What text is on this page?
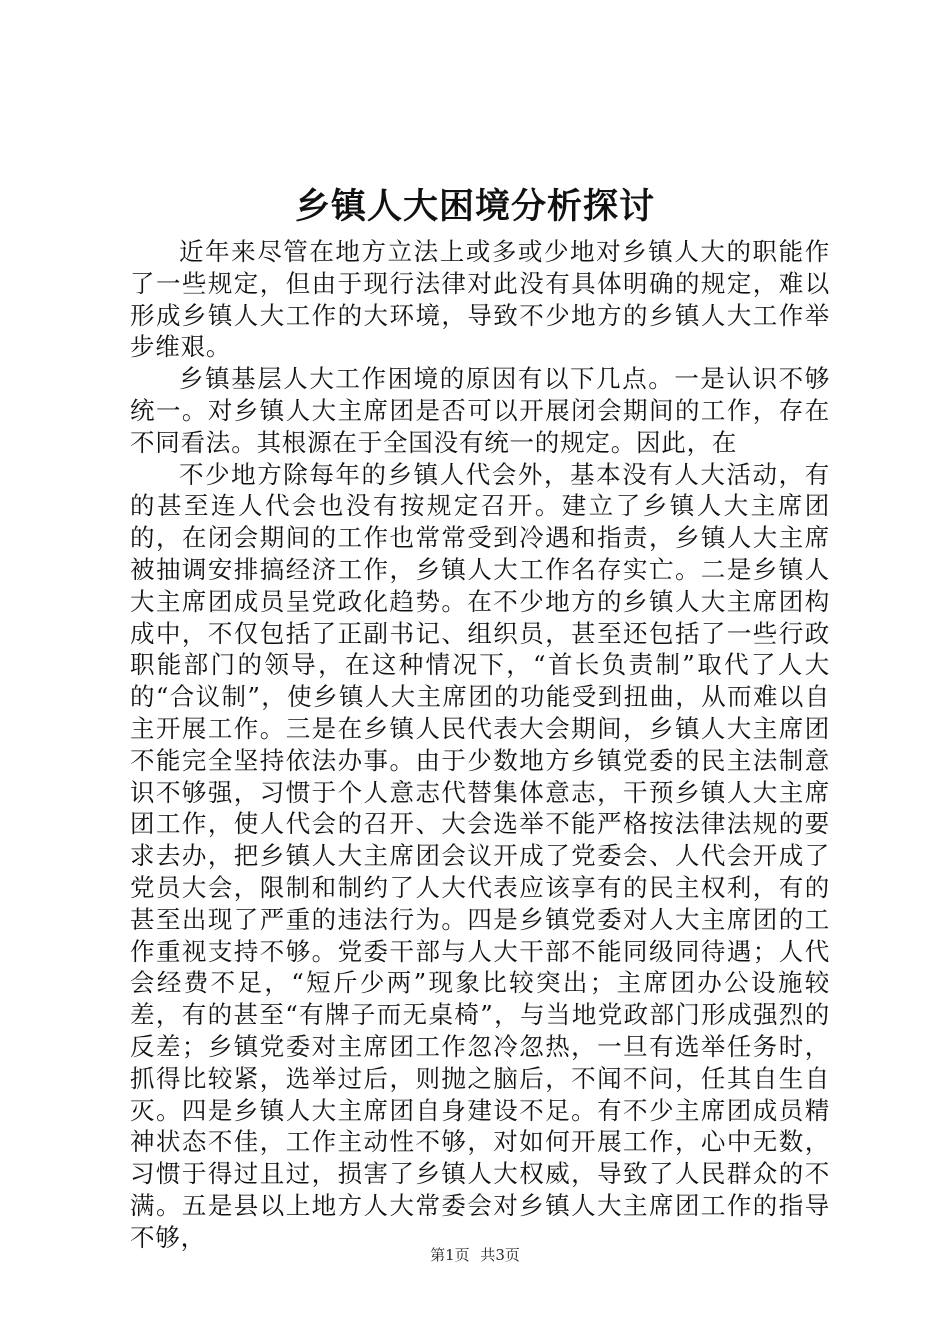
乡镇人大困境分析探讨

近年来尽管在地方立法上或多或少地对乡镇人大的职能作了一些规定，但由于现行法律对此没有具体明确的规定，难以形成乡镇人大工作的大环境，导致不少地方的乡镇人大工作举步维艰。

乡镇基层人大工作困境的原因有以下几点。一是认识不够统一。对乡镇人大主席团是否可以开展闭会期间的工作，存在不同看法。其根源在于全国没有统一的规定。因此，在

不少地方除每年的乡镇人代会外，基本没有人大活动，有的甚至连人代会也没有按规定召开。建立了乡镇人大主席团的，在闭会期间的工作也常常受到冷遇和指责，乡镇人大主席被抽调安排搞经济工作，乡镇人大工作名存实亡。二是乡镇人大主席团成员呈党政化趋势。在不少地方的乡镇人大主席团构成中，不仅包括了正副书记、组织员，甚至还包括了一些行政职能部门的领导，在这种情况下，“首长负责制”取代了人大的“合议制”，使乡镇人大主席团的功能受到扭曲，从而难以自主开展工作。三是在乡镇人民代表大会期间，乡镇人大主席团不能完全坚持依法办事。由于少数地方乡镇党委的民主法制意识不够强，习惯于个人意志代替集体意志，干预乡镇人大主席团工作，使人代会的召开、大会选举不能严格按法律法规的要求去办，把乡镇人大主席团会议开成了党委会、人代会开成了党员大会，限制和制约了人大代表应该享有的民主权利，有的甚至出现了严重的违法行为。四是乡镇党委对人大主席团的工作重视支持不够。党委干部与人大干部不能同级同待遇；人代会经费不足，“短斤少两”现象比较突出；主席团办公设施较差，有的甚至“有牌子而无桌椅”，与当地党政部门形成强烈的反差；乡镇党委对主席团工作忽冷忽热，一旦有选举任务时，抓得比较紧，选举过后，则抛之脑后，不闻不问，任其自生自灭。四是乡镇人大主席团自身建设不足。有不少主席团成员精神状态不佳，工作主动性不够，对如何开展工作，心中无数，习惯于得过且过，损害了乡镇人大权威，导致了人民群众的不满。五是县以上地方人大常委会对乡镇人大主席团工作的指导不够，

第1页 共3页
